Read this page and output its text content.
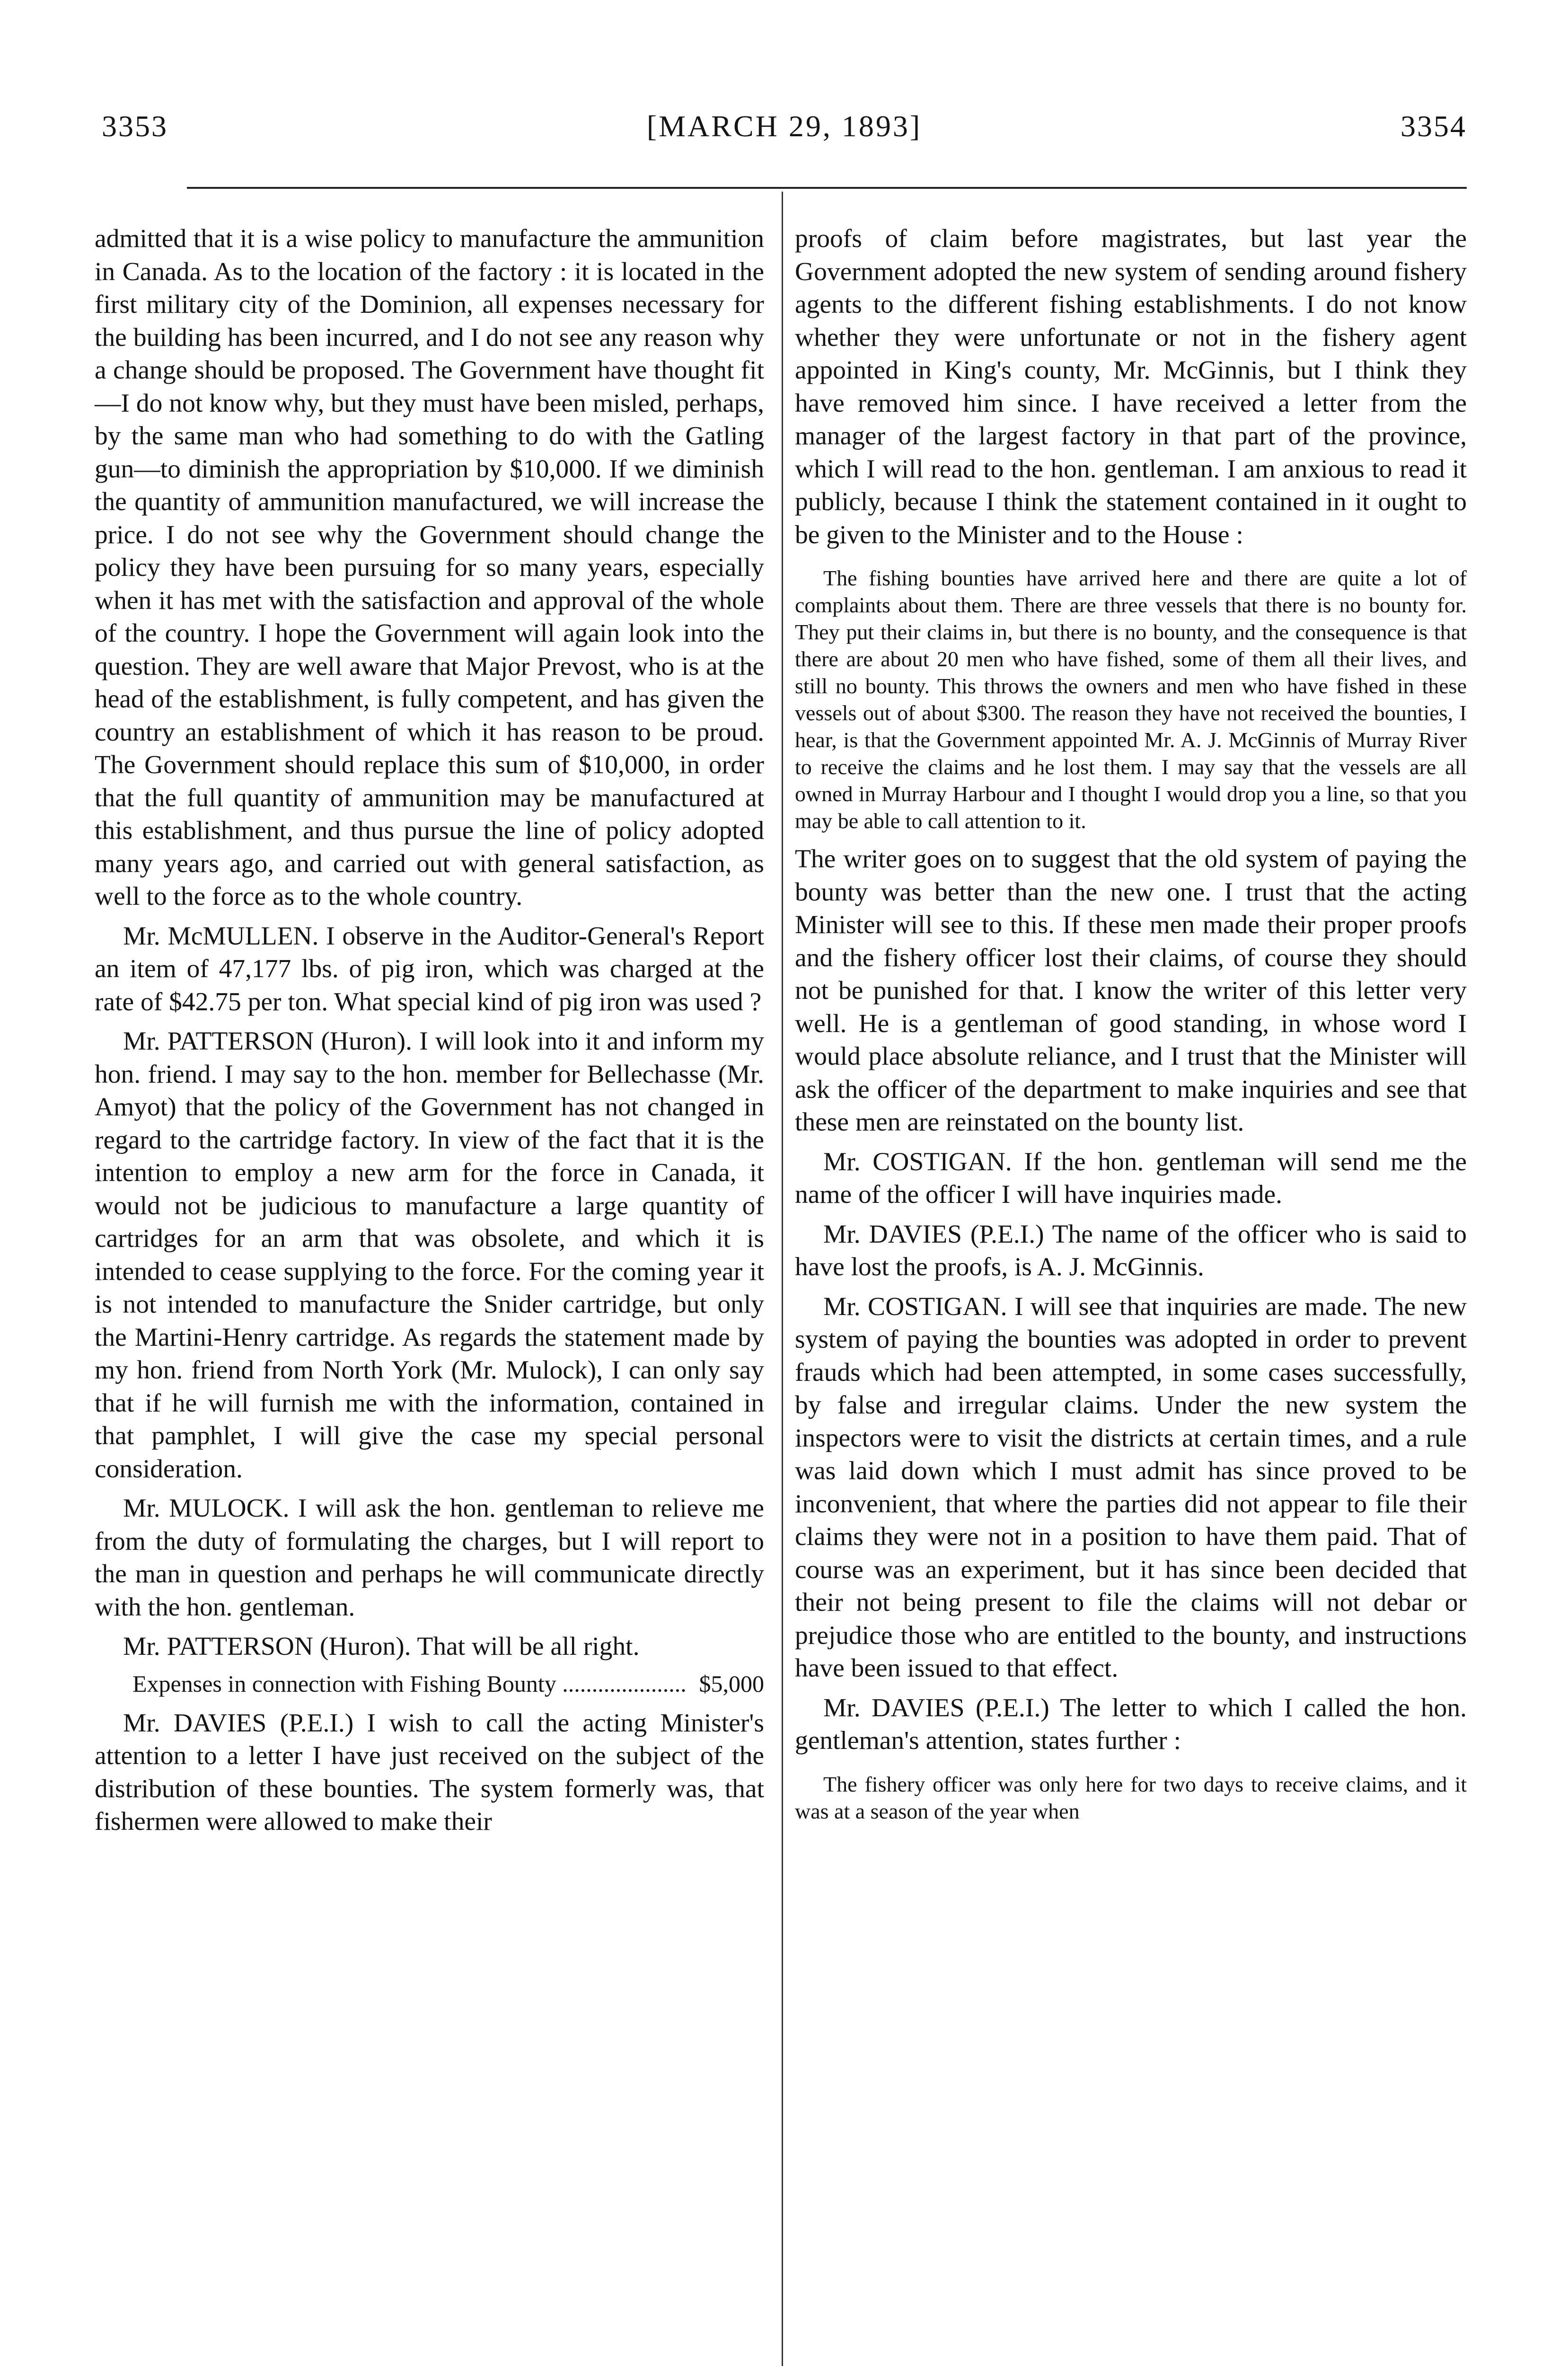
3353	[MARCH 29, 1893]	3354

admitted that it is a wise policy to manufacture the ammunition in Canada. As to the location of the factory : it is located in the first military city of the Dominion, all expenses necessary for the building has been incurred, and I do not see any reason why a change should be proposed. The Government have thought fit—I do not know why, but they must have been misled, perhaps, by the same man who had something to do with the Gatling gun—to diminish the appropriation by $10,000. If we diminish the quantity of ammunition manufactured, we will increase the price. I do not see why the Government should change the policy they have been pursuing for so many years, especially when it has met with the satisfaction and approval of the whole of the country. I hope the Government will again look into the question. They are well aware that Major Prevost, who is at the head of the establishment, is fully competent, and has given the country an establishment of which it has reason to be proud. The Government should replace this sum of $10,000, in order that the full quantity of ammunition may be manufactured at this establishment, and thus pursue the line of policy adopted many years ago, and carried out with general satisfaction, as well to the force as to the whole country.

Mr. McMULLEN. I observe in the Auditor-General's Report an item of 47,177 lbs. of pig iron, which was charged at the rate of $42.75 per ton. What special kind of pig iron was used ?

Mr. PATTERSON (Huron). I will look into it and inform my hon. friend. I may say to the hon. member for Bellechasse (Mr. Amyot) that the policy of the Government has not changed in regard to the cartridge factory. In view of the fact that it is the intention to employ a new arm for the force in Canada, it would not be judicious to manufacture a large quantity of cartridges for an arm that was obsolete, and which it is intended to cease supplying to the force. For the coming year it is not intended to manufacture the Snider cartridge, but only the Martini-Henry cartridge. As regards the statement made by my hon. friend from North York (Mr. Mulock), I can only say that if he will furnish me with the information, contained in that pamphlet, I will give the case my special personal consideration.

Mr. MULOCK. I will ask the hon. gentleman to relieve me from the duty of formulating the charges, but I will report to the man in question and perhaps he will communicate directly with the hon. gentleman.

Mr. PATTERSON (Huron). That will be all right.

$5,000
Expenses in connection with Fishing Bounty .....................

Mr. DAVIES (P.E.I.) I wish to call the acting Minister's attention to a letter I have just received on the subject of the distribution of these bounties. The system formerly was, that fishermen were allowed to make their

proofs of claim before magistrates, but last year the Government adopted the new system of sending around fishery agents to the different fishing establishments. I do not know whether they were unfortunate or not in the fishery agent appointed in King's county, Mr. McGinnis, but I think they have removed him since. I have received a letter from the manager of the largest factory in that part of the province, which I will read to the hon. gentleman. I am anxious to read it publicly, because I think the statement contained in it ought to be given to the Minister and to the House :

The fishing bounties have arrived here and there are quite a lot of complaints about them. There are three vessels that there is no bounty for. They put their claims in, but there is no bounty, and the consequence is that there are about 20 men who have fished, some of them all their lives, and still no bounty. This throws the owners and men who have fished in these vessels out of about $300. The reason they have not received the bounties, I hear, is that the Government appointed Mr. A. J. McGinnis of Murray River to receive the claims and he lost them. I may say that the vessels are all owned in Murray Harbour and I thought I would drop you a line, so that you may be able to call attention to it.

The writer goes on to suggest that the old system of paying the bounty was better than the new one. I trust that the acting Minister will see to this. If these men made their proper proofs and the fishery officer lost their claims, of course they should not be punished for that. I know the writer of this letter very well. He is a gentleman of good standing, in whose word I would place absolute reliance, and I trust that the Minister will ask the officer of the department to make inquiries and see that these men are reinstated on the bounty list.

Mr. COSTIGAN. If the hon. gentleman will send me the name of the officer I will have inquiries made.

Mr. DAVIES (P.E.I.) The name of the officer who is said to have lost the proofs, is A. J. McGinnis.

Mr. COSTIGAN. I will see that inquiries are made. The new system of paying the bounties was adopted in order to prevent frauds which had been attempted, in some cases successfully, by false and irregular claims. Under the new system the inspectors were to visit the districts at certain times, and a rule was laid down which I must admit has since proved to be inconvenient, that where the parties did not appear to file their claims they were not in a position to have them paid. That of course was an experiment, but it has since been decided that their not being present to file the claims will not debar or prejudice those who are entitled to the bounty, and instructions have been issued to that effect.

Mr. DAVIES (P.E.I.) The letter to which I called the hon. gentleman's attention, states further :

The fishery officer was only here for two days to receive claims, and it was at a season of the year when
